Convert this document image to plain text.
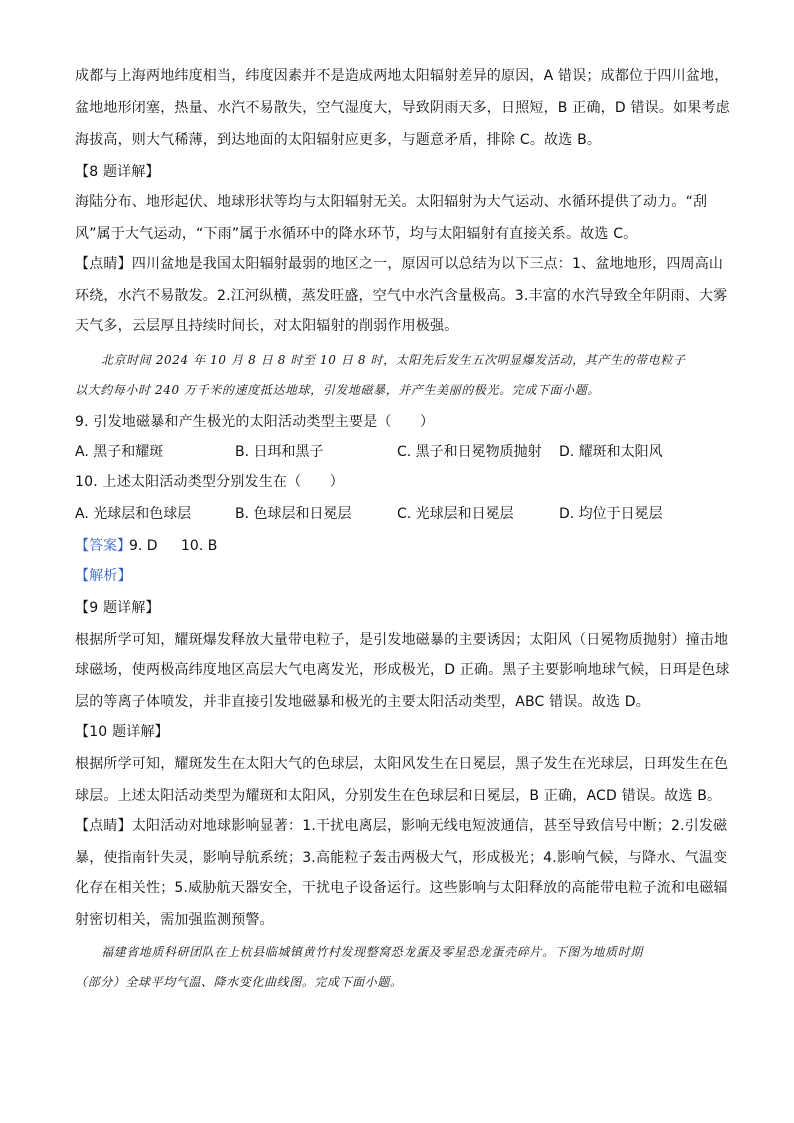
成都与上海两地纬度相当，纬度因素并不是造成两地太阳辐射差异的原因，A 错误；成都位于四川盆地，
盆地地形闭塞，热量、水汽不易散失，空气湿度大，导致阴雨天多，日照短，B 正确，D 错误。如果考虑
海拔高，则大气稀薄，到达地面的太阳辐射应更多，与题意矛盾，排除 C。故选 B。
【8 题详解】
海陆分布、地形起伏、地球形状等均与太阳辐射无关。太阳辐射为大气运动、水循环提供了动力。“刮
风”属于大气运动，“下雨”属于水循环中的降水环节，均与太阳辐射有直接关系。故选 C。
【点睛】四川盆地是我国太阳辐射最弱的地区之一，原因可以总结为以下三点：1、盆地地形，四周高山
环绕，水汽不易散发。2.江河纵横，蒸发旺盛，空气中水汽含量极高。3.丰富的水汽导致全年阴雨、大雾
天气多，云层厚且持续时间长，对太阳辐射的削弱作用极强。
北京时间 2024 年 10 月 8 日 8 时至 10 日 8 时，太阳先后发生五次明显爆发活动，其产生的带电粒子
以大约每小时 240 万千米的速度抵达地球，引发地磁暴，并产生美丽的极光。完成下面小题。
9. 引发地磁暴和产生极光的太阳活动类型主要是（　　）
A. 黑子和耀斑	B. 日珥和黑子	C. 黑子和日冕物质抛射 D. 耀斑和太阳风
10. 上述太阳活动类型分别发生在（　　）
A. 光球层和色球层	B. 色球层和日冕层	C. 光球层和日冕层	D. 均位于日冕层
【答案】
9. D 10. B
【解析】
【9 题详解】
根据所学可知，耀斑爆发释放大量带电粒子，是引发地磁暴的主要诱因；太阳风（日冕物质抛射）撞击地
球磁场，使两极高纬度地区高层大气电离发光，形成极光，D 正确。黑子主要影响地球气候，日珥是色球
层的等离子体喷发，并非直接引发地磁暴和极光的主要太阳活动类型，ABC 错误。故选 D。
【10 题详解】
根据所学可知，耀斑发生在太阳大气的色球层，太阳风发生在日冕层，黑子发生在光球层，日珥发生在色
球层。上述太阳活动类型为耀斑和太阳风，分别发生在色球层和日冕层，B 正确，ACD 错误。故选 B。
【点睛】太阳活动对地球影响显著：1.干扰电离层，影响无线电短波通信，甚至导致信号中断；2.引发磁
暴，使指南针失灵，影响导航系统；3.高能粒子轰击两极大气，形成极光；4.影响气候，与降水、气温变
化存在相关性；5.威胁航天器安全，干扰电子设备运行。这些影响与太阳释放的高能带电粒子流和电磁辐
射密切相关，需加强监测预警。
福建省地质科研团队在上杭县临城镇黄竹村发现整窝恐龙蛋及零星恐龙蛋壳碎片。下图为地质时期
（部分）全球平均气温、降水变化曲线图。完成下面小题。
